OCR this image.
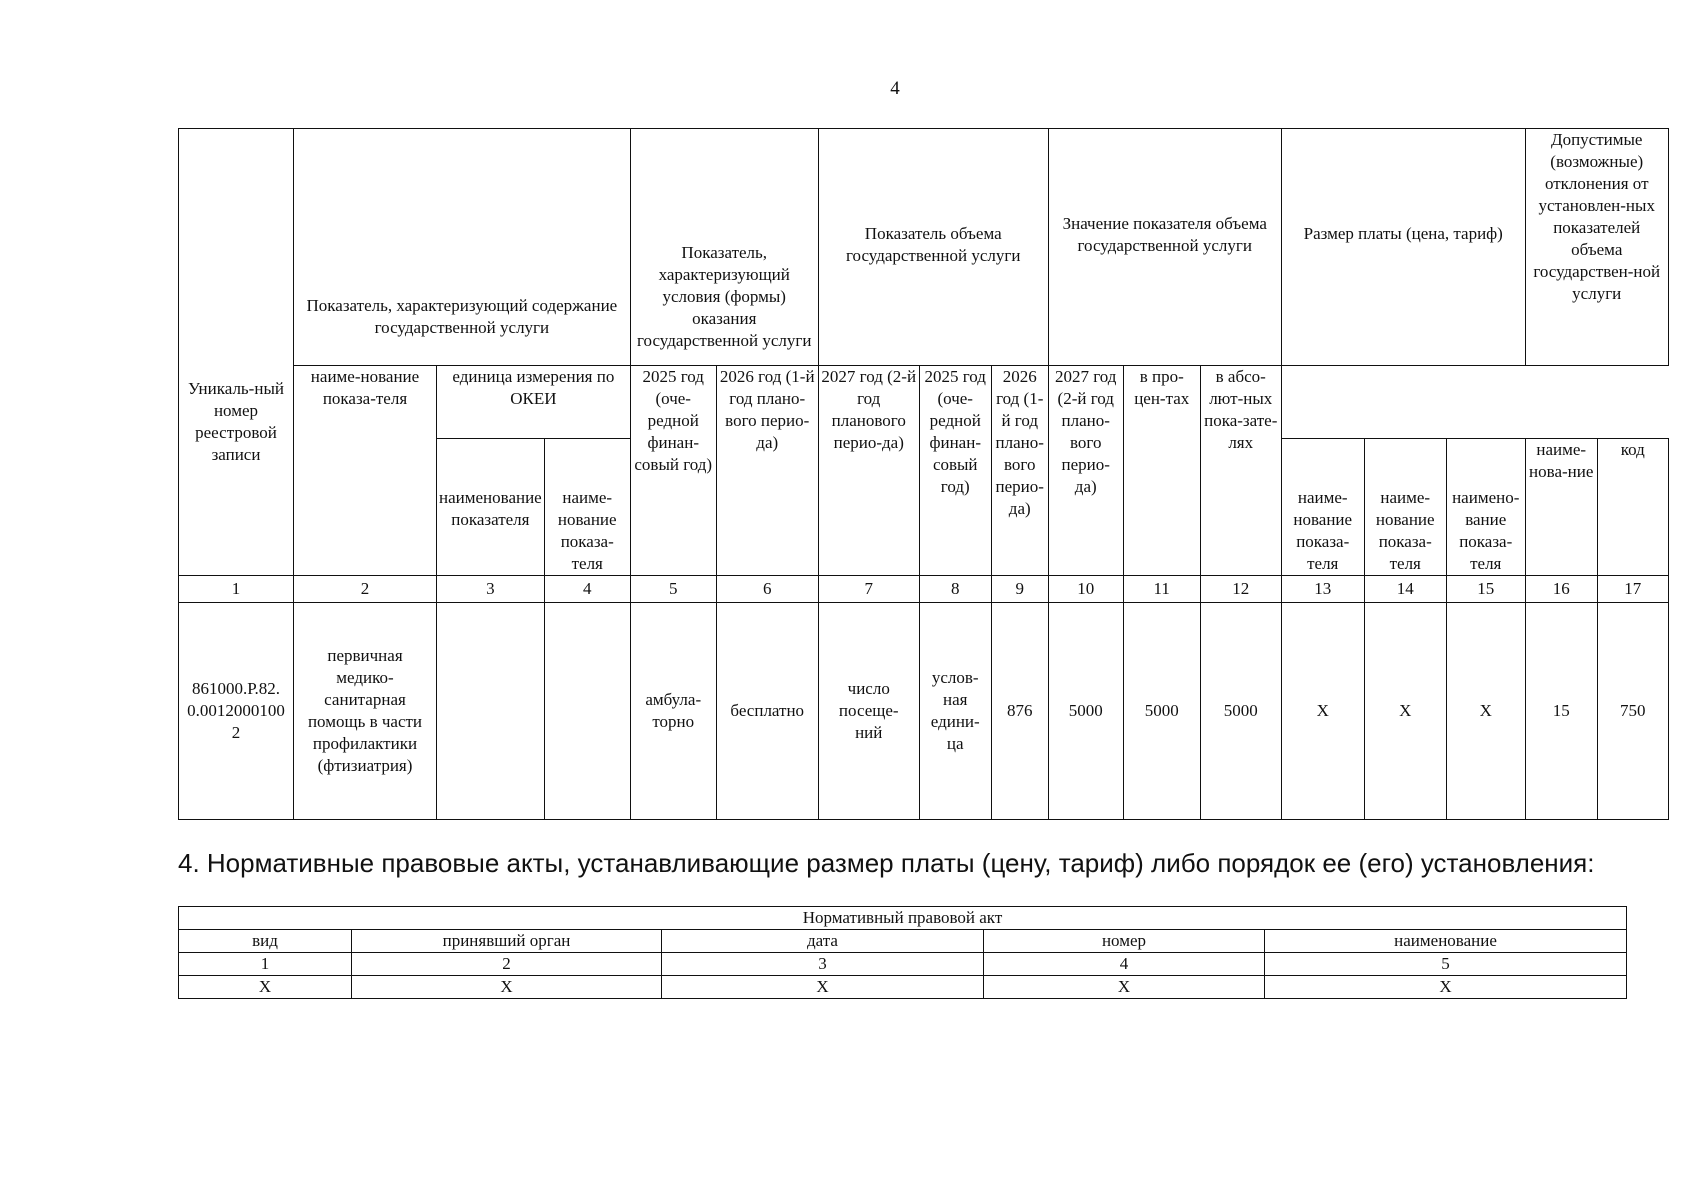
4
Уникаль-ный номер реестровой записи	Показатель, характеризующий содержание государственной услуги			Показатель, характеризующий условия (формы) оказания государственной услуги		Показатель объема государственной услуги			Значение показателя объема государственной услуги			Размер платы (цена, тариф)			Допустимые (возможные) отклонения от установлен-ных показателей объема государствен-ной услуги	
	наиме-нование показа-теля	единица измерения по ОКЕИ		2025 год (оче-редной финан-совый год)	2026 год (1-й год плано-вого перио-да)	2027 год (2-й год планового перио-да)	2025 год (оче-редной финан-совый год)	2026 год (1-й год плано-вого перио-да)	2027 год (2-й год плано-вого перио-да)	в про-цен-тах	в абсо-лют-ных пока-зате-лях					
		наименование показателя	наиме-нование показа-теля									наиме-нование показа-теля	наиме-нование показа-теля	наимено-вание показа-теля	наиме-нова-ние	код
1	2	3	4	5	6	7	8	9	10	11	12	13	14	15	16	17
861000.Р.82.0.00120001002	первичная медико-санитарная помощь в части профилактики (фтизиатрия)			амбула-торно	бесплатно	число посеще-ний	услов-ная едини-ца	876	5000	5000	5000	X	X	X	15	750
4. Нормативные правовые акты, устанавливающие размер платы (цену, тариф) либо порядок ее (его) установления:
Нормативный правовой акт				
вид	принявший орган	дата	номер	наименование
1	2	3	4	5
X	X	X	X	X
